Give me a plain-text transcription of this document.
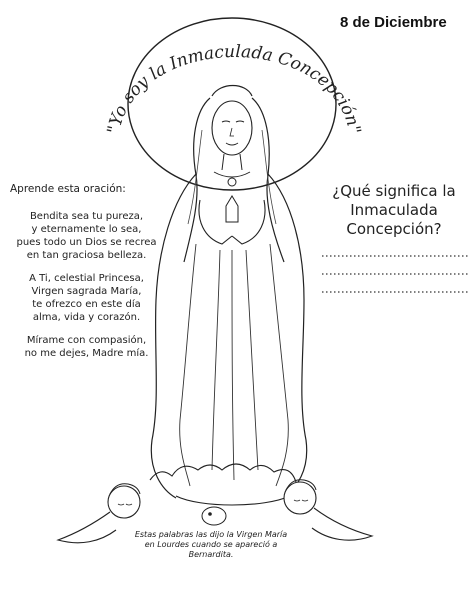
8 de Diciembre
"Yo soy la Inmaculada Concepción"
Aprende esta oración:
Bendita sea tu pureza,
y eternamente lo sea,
pues todo un Dios se recrea
en tan graciosa belleza.
A Ti, celestial Princesa,
Virgen sagrada María,
te ofrezco en este día
alma, vida y corazón.
Mírame con compasión,
no me dejes, Madre mía.
¿Qué significa la
Inmaculada
Concepción?
Estas palabras las dijo la Virgen María
en Lourdes cuando se apareció a
Bernardita.
